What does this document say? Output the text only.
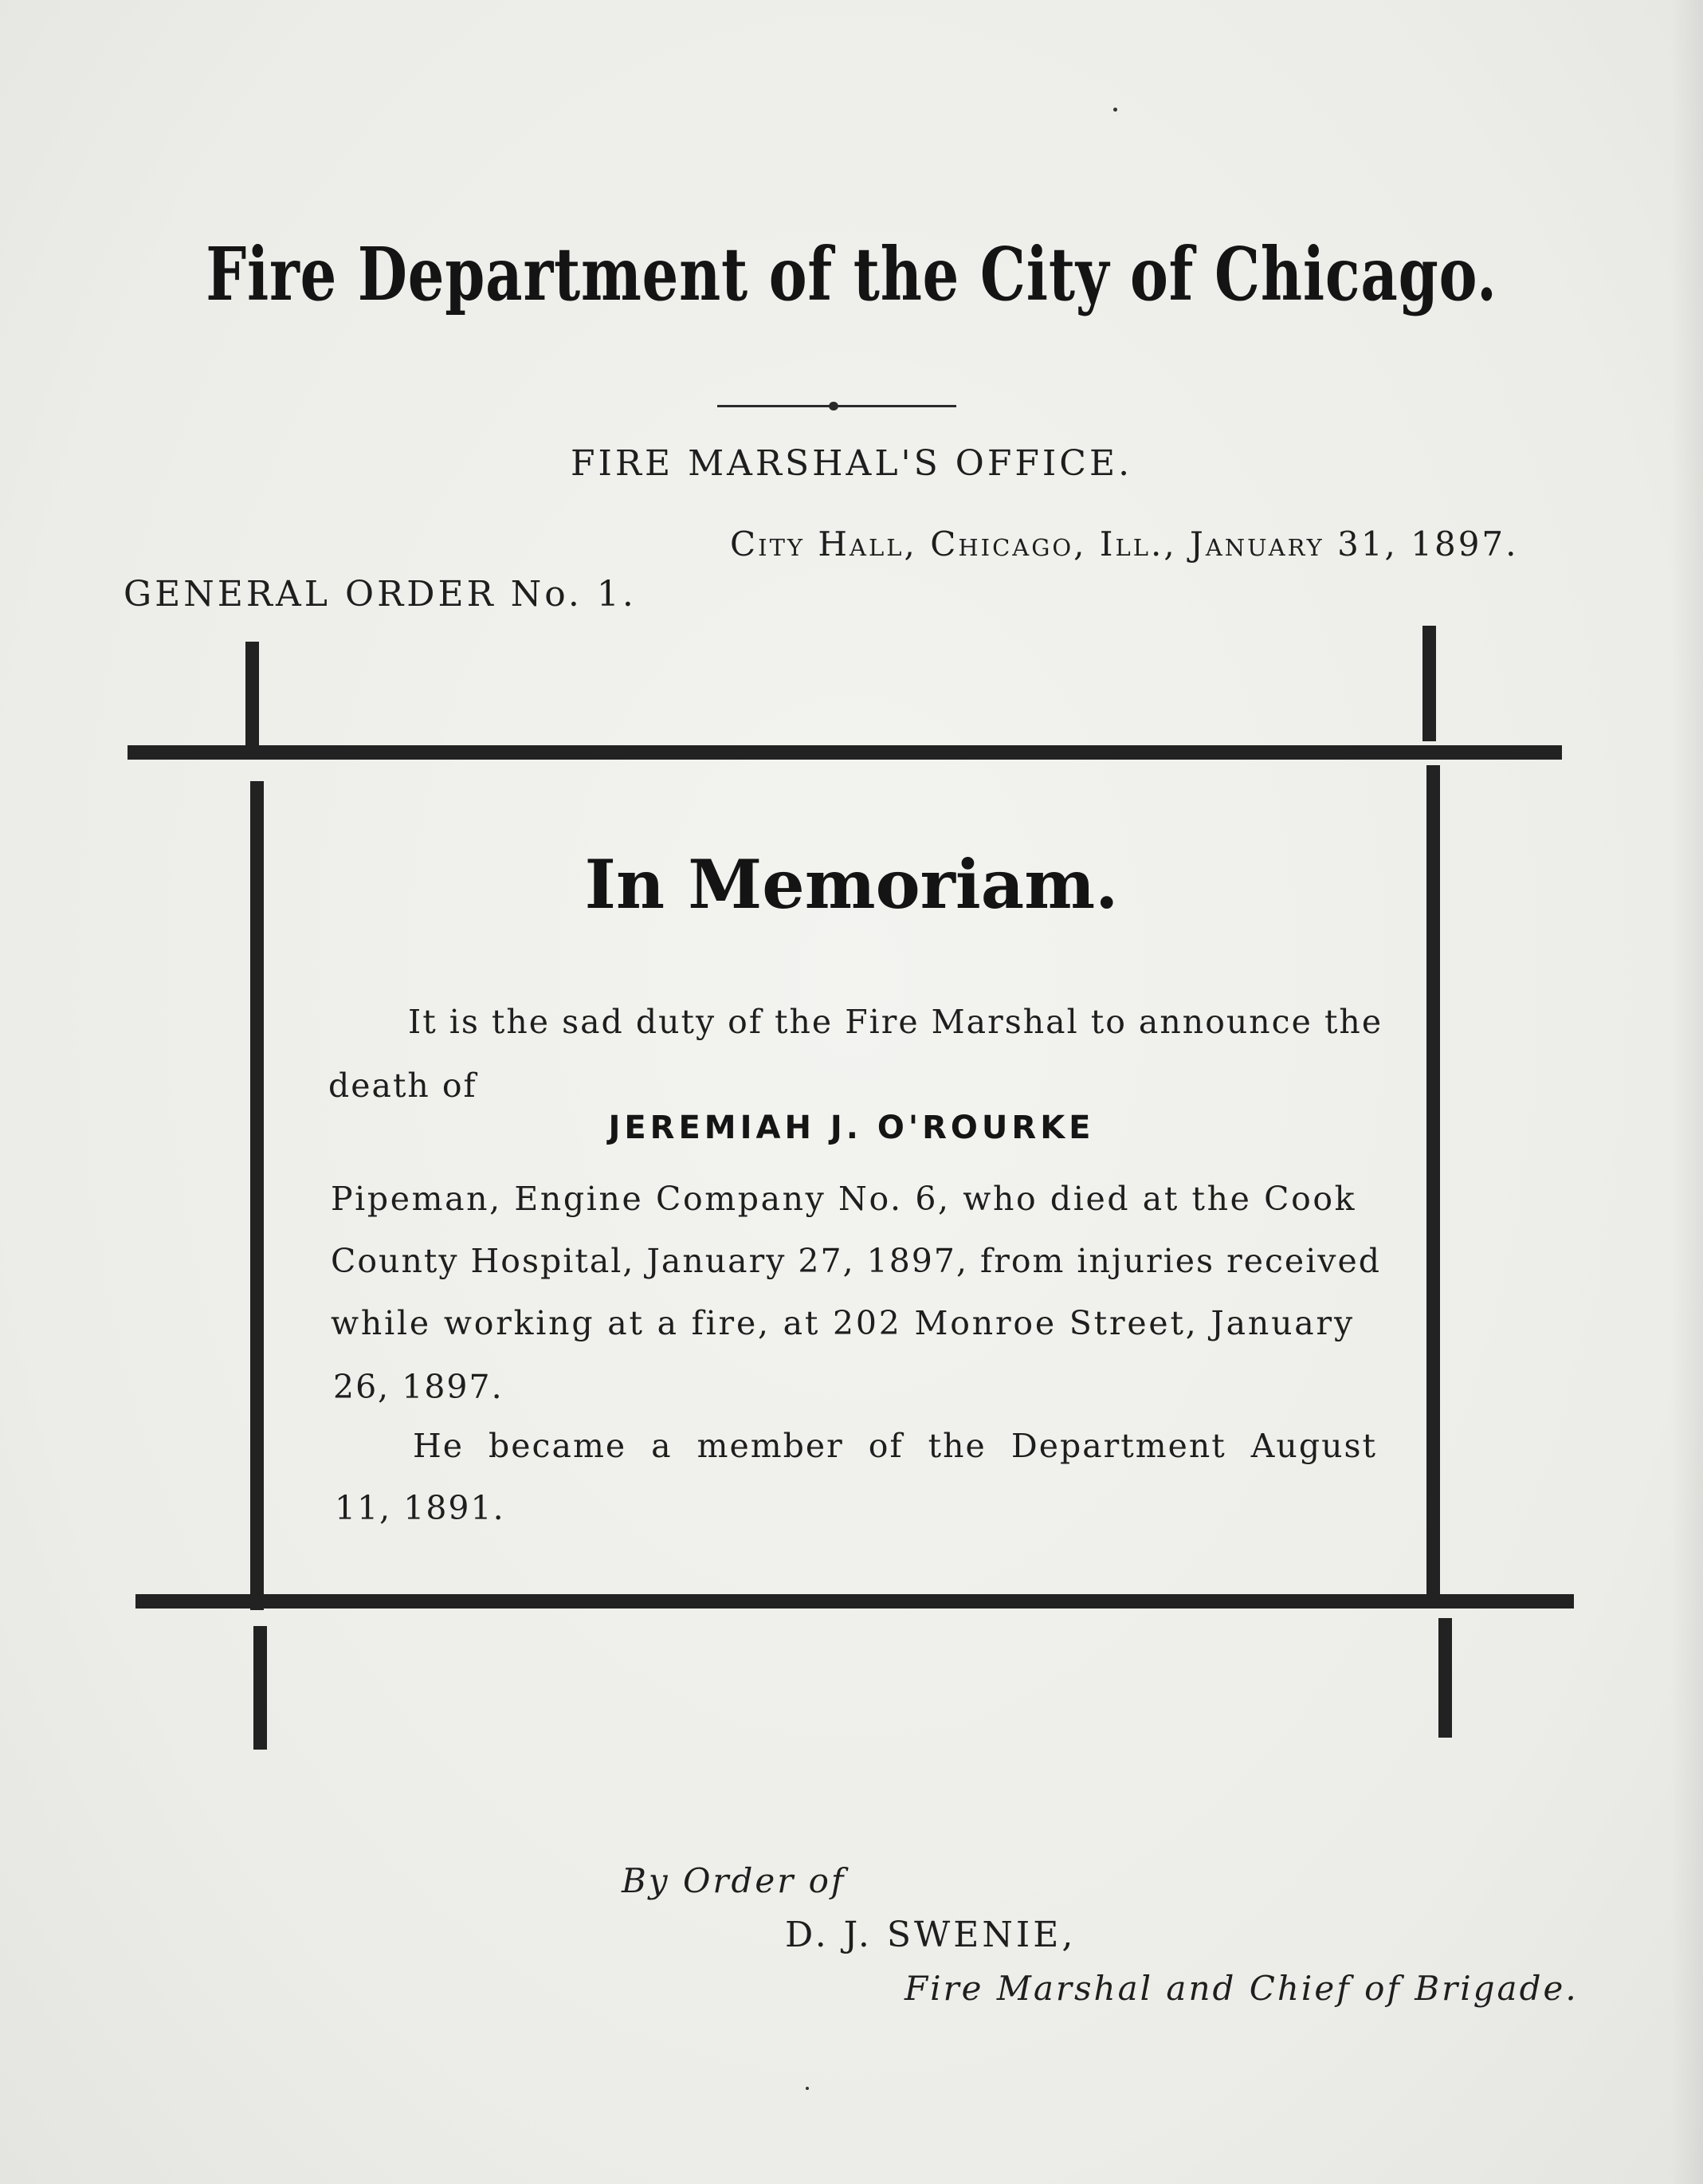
Fire Department of the City of Chicago.
FIRE MARSHAL'S OFFICE.
City Hall, Chicago, Ill., January 31, 1897.
GENERAL ORDER No. 1.
In Memoriam.
It is the sad duty of the Fire Marshal to announce the
death of
JEREMIAH J. O'ROURKE
Pipeman, Engine Company No. 6, who died at the Cook
County Hospital, January 27, 1897, from injuries received
while working at a fire, at 202 Monroe Street, January
26, 1897.
He became a member of the Department August
11, 1891.
By Order of
D. J. SWENIE,
Fire Marshal and Chief of Brigade.
